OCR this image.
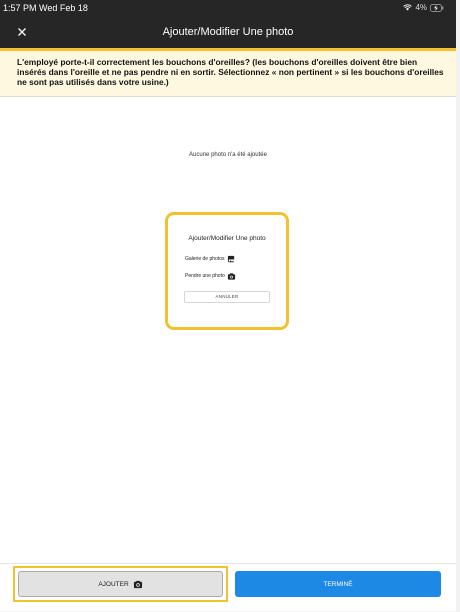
1:57 PM Wed Feb 18	4%
Ajouter/Modifier Une photo
L'employé porte-t-il correctement les bouchons d'oreilles? (les bouchons d'oreilles doivent être bien insérés dans l'oreille et ne pas pendre ni en sortir. Sélectionnez « non pertinent » si les bouchons d'oreilles ne sont pas utilisés dans votre usine.)
Aucune photo n'a été ajoutée
Ajouter/Modifier Une photo
Galerie de photos
Pendre une photo
ANNULER
AJOUTER	TERMINÉ
